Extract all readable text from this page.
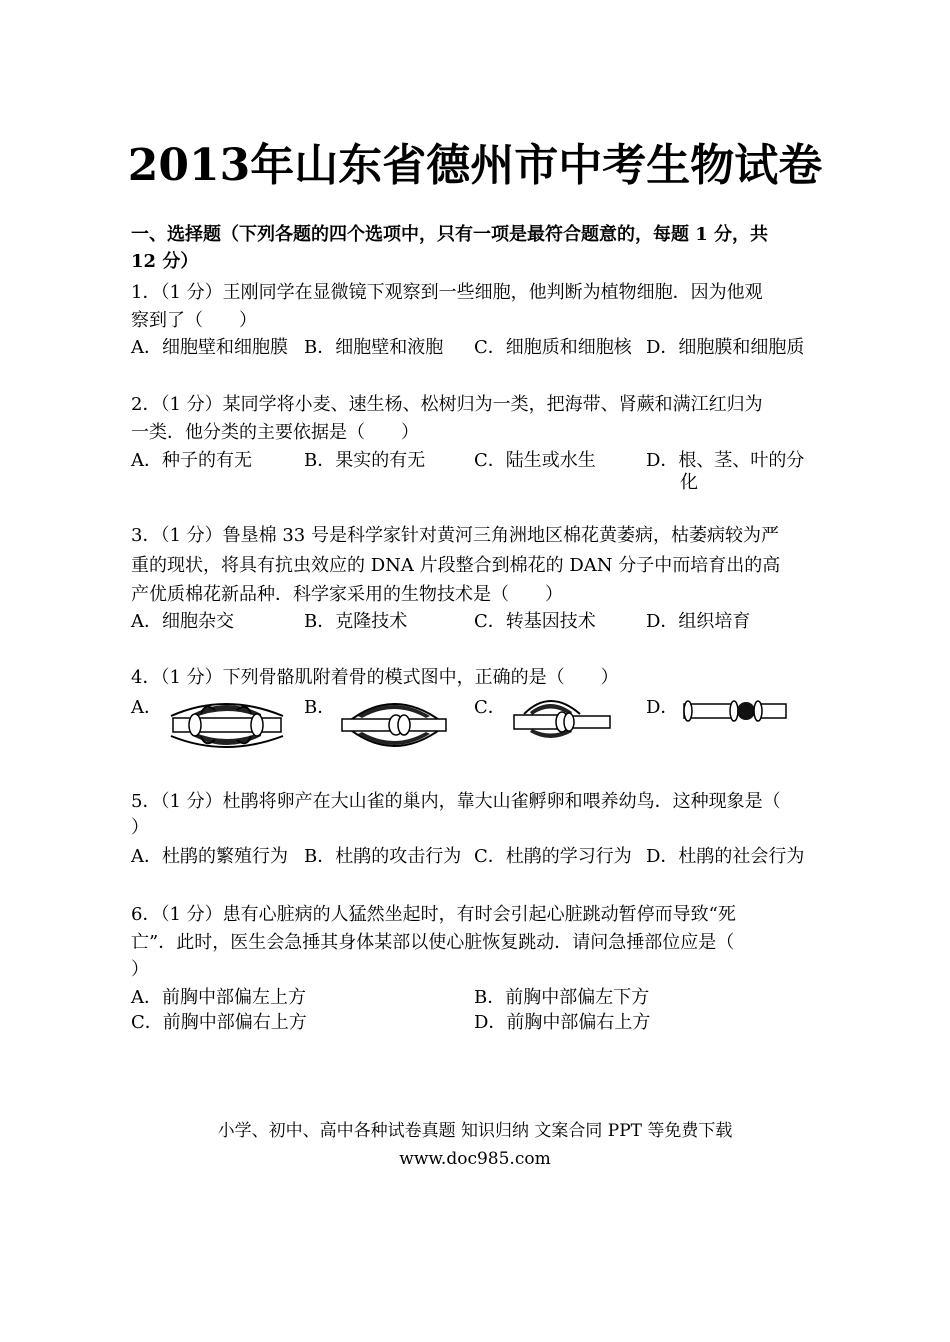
2013年山东省德州市中考生物试卷
一、选择题（下列各题的四个选项中，只有一项是最符合题意的，每题 1 分，共
12 分）
1．（1 分）王刚同学在显微镜下观察到一些细胞，他判断为植物细胞．因为他观
察到了（　　）
A．细胞壁和细胞膜 B．细胞壁和液胞 C．细胞质和细胞核 D．细胞膜和细胞质
2．（1 分）某同学将小麦、速生杨、松树归为一类，把海带、肾蕨和满江红归为
一类．他分类的主要依据是（　　）
A．种子的有无	B．果实的有无	C．陆生或水生	D．根、茎、叶的分
化
3．（1 分）鲁垦棉 33 号是科学家针对黄河三角洲地区棉花黄萎病，枯萎病较为严
重的现状，将具有抗虫效应的 DNA 片段整合到棉花的 DAN 分子中而培育出的高
产优质棉花新品种．科学家采用的生物技术是（　　）
A．细胞杂交	B．克隆技术	C．转基因技术	D．组织培育
4．（1 分）下列骨骼肌附着骨的模式图中，正确的是（　　）
A．	B．	C．	D．
5．（1 分）杜鹃将卵产在大山雀的巢内，靠大山雀孵卵和喂养幼鸟．这种现象是（
）
A．杜鹃的繁殖行为 B．杜鹃的攻击行为 C．杜鹃的学习行为 D．杜鹃的社会行为
6．（1 分）患有心脏病的人猛然坐起时，有时会引起心脏跳动暂停而导致“死
亡”．此时，医生会急捶其身体某部以使心脏恢复跳动．请问急捶部位应是（
）
A．前胸中部偏左上方	B．前胸中部偏左下方
C．前胸中部偏右上方	D．前胸中部偏右上方
小学、初中、高中各种试卷真题 知识归纳 文案合同 PPT 等免费下载
www.doc985.com
